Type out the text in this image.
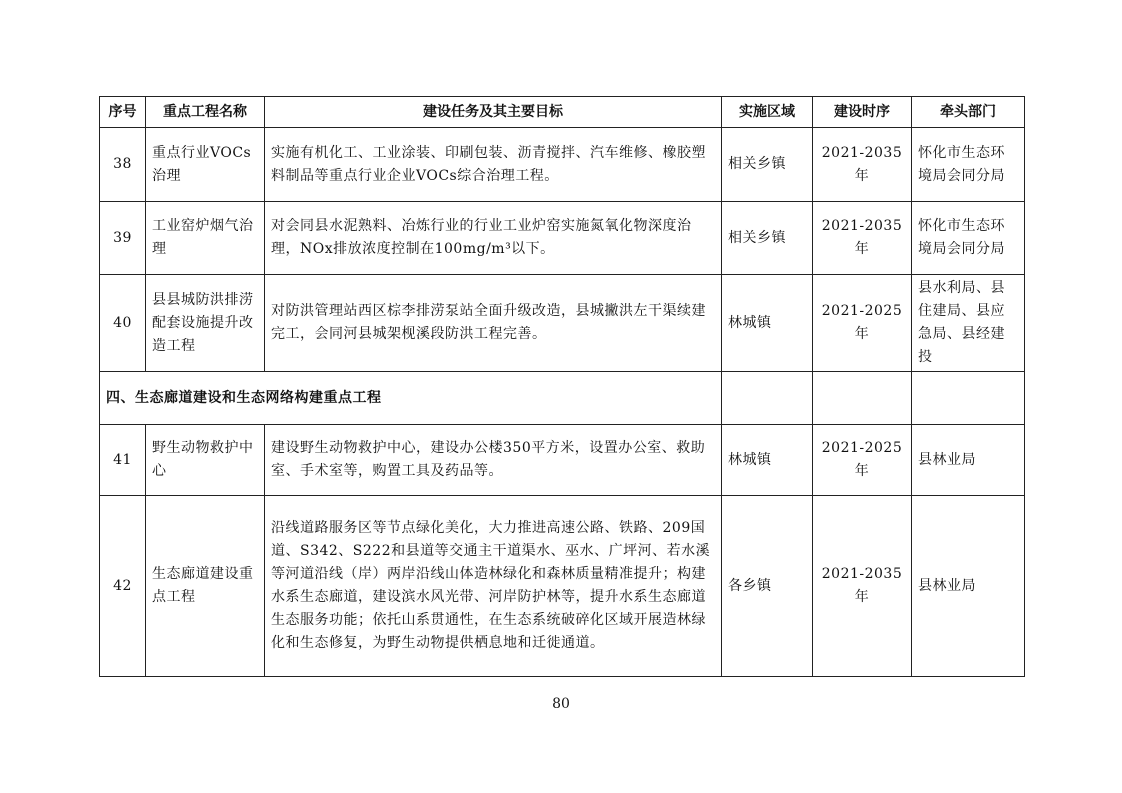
序号	重点工程名称	建设任务及其主要目标	实施区域	建设时序	牵头部门
38	重点行业VOCs治理	实施有机化工、工业涂装、印刷包装、沥青搅拌、汽车维修、橡胶塑料制品等重点行业企业VOCs综合治理工程。	相关乡镇	2021-2035年	怀化市生态环境局会同分局
39	工业窑炉烟气治理	对会同县水泥熟料、冶炼行业的行业工业炉窑实施氮氧化物深度治理，NOx排放浓度控制在100mg/m³以下。	相关乡镇	2021-2035年	怀化市生态环境局会同分局
40	县县城防洪排涝配套设施提升改造工程	对防洪管理站西区棕李排涝泵站全面升级改造，县城撇洪左干渠续建完工，会同河县城架枧溪段防洪工程完善。	林城镇	2021-2025年	县水利局、县住建局、县应急局、县经建投
四、生态廊道建设和生态网络构建重点工程					
41	野生动物救护中心	建设野生动物救护中心，建设办公楼350平方米，设置办公室、救助室、手术室等，购置工具及药品等。	林城镇	2021-2025年	县林业局
42	生态廊道建设重点工程	沿线道路服务区等节点绿化美化，大力推进高速公路、铁路、209国道、S342、S222和县道等交通主干道渠水、巫水、广坪河、若水溪等河道沿线（岸）两岸沿线山体造林绿化和森林质量精准提升；构建水系生态廊道，建设滨水风光带、河岸防护林等，提升水系生态廊道生态服务功能；依托山系贯通性，在生态系统破碎化区域开展造林绿化和生态修复，为野生动物提供栖息地和迁徙通道。	各乡镇	2021-2035年	县林业局
80
